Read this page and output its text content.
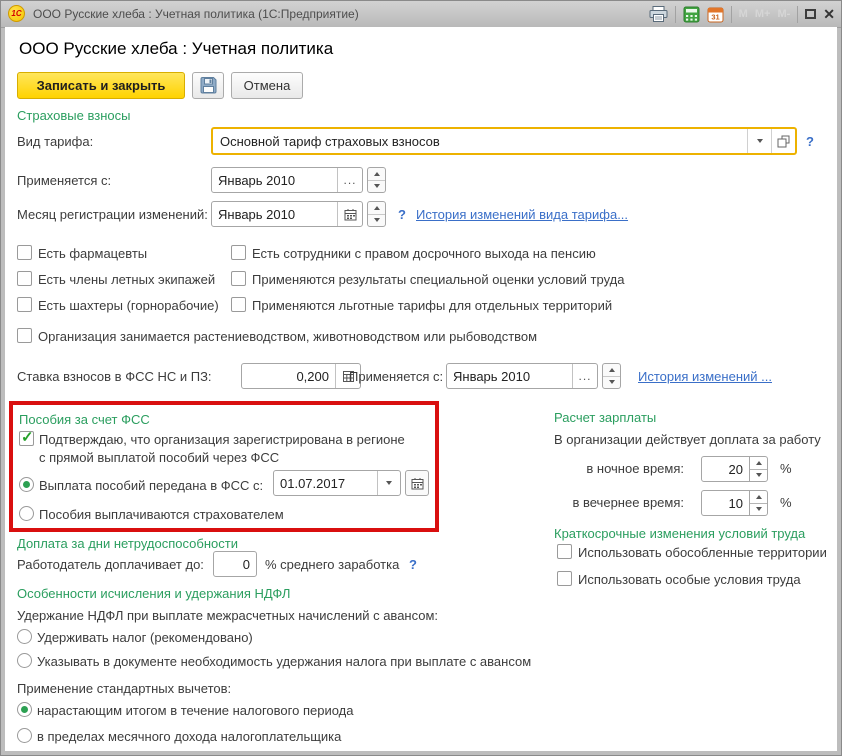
1С ООО Русские хлеба : Учетная политика (1С:Предприятие)	31 M M+ M- ✕
ООО Русские хлеба : Учетная политика
Записать и закрыть	Отмена
Страховые взносы
Вид тарифа:	Основной тариф страховых взносов	?
Применяется с:	Январь 2010	...
Месяц регистрации изменений: Январь 2010	? История изменений вида тарифа...
Есть фармацевты	Есть сотрудники с правом досрочного выхода на пенсию
Есть члены летных экипажей	Применяются результаты специальной оценки условий труда
Есть шахтеры (горнорабочие)	Применяются льготные тарифы для отдельных территорий
Организация занимается растениеводством, животноводством или рыбоводством
Ставка взносов в ФСС НС и ПЗ:	0,200	Применяется с: Январь 2010	...	История изменений ...
Пособия за счет ФСС
✓ Подтверждаю, что организация зарегистрирована в регионе
с прямой выплатой пособий через ФСС
Выплата пособий передана в ФСС с:	01.07.2017
Пособия выплачиваются страхователем
Доплата за дни нетрудоспособности
Работодатель доплачивает до:	0	% среднего заработка ?
Особенности исчисления и удержания НДФЛ
Удержание НДФЛ при выплате межрасчетных начислений с авансом:
Удерживать налог (рекомендовано)
Указывать в документе необходимость удержания налога при выплате с авансом
Применение стандартных вычетов:
нарастающим итогом в течение налогового периода
в пределах месячного дохода налогоплательщика
Расчет зарплаты
В организации действует доплата за работу
в ночное время:	20	%
в вечернее время:	10	%
Краткосрочные изменения условий труда
Использовать обособленные территории
Использовать особые условия труда
